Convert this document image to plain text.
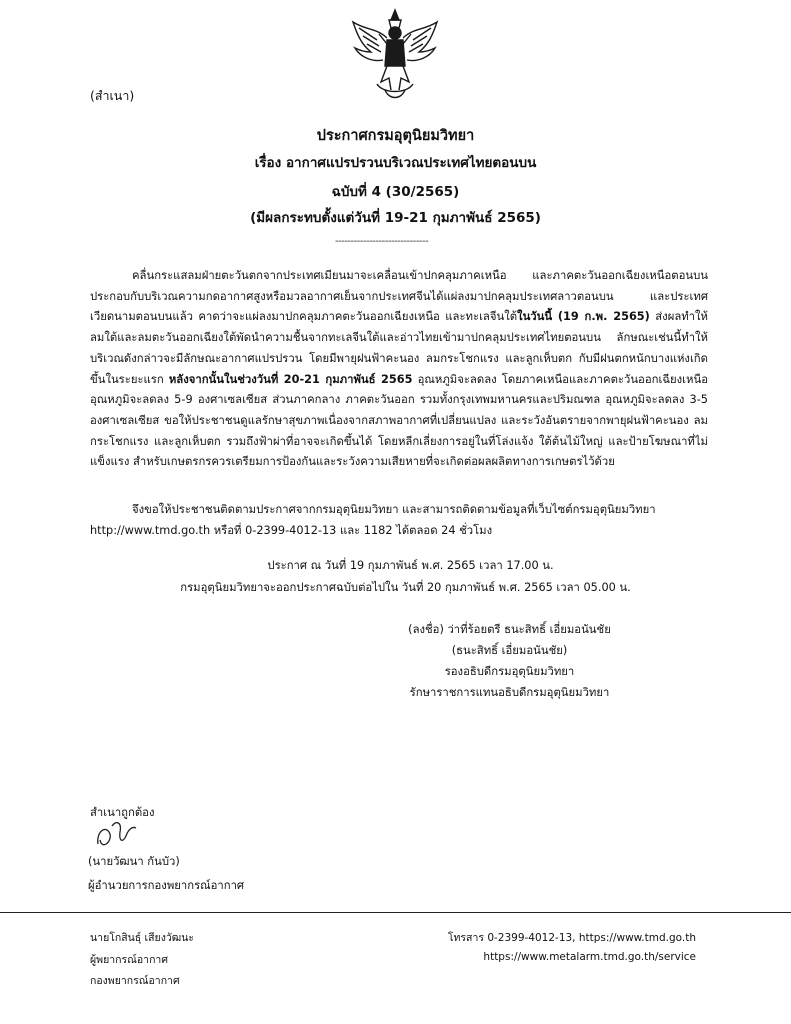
(สำเนา)
ประกาศกรมอุตุนิยมวิทยา
เรื่อง อากาศแปรปรวนบริเวณประเทศไทยตอนบน
ฉบับที่ 4 (30/2565)
(มีผลกระทบตั้งแต่วันที่ 19-21 กุมภาพันธ์ 2565)
------------------------------

คลื่นกระแสลมฝ่ายตะวันตกจากประเทศเมียนมาจะเคลื่อนเข้าปกคลุมภาคเหนือ และภาคตะวันออกเฉียงเหนือตอนบน ประกอบกับบริเวณความกดอากาศสูงหรือมวลอากาศเย็นจากประเทศจีนได้แผ่ลงมาปกคลุมประเทศลาวตอนบน และประเทศเวียดนามตอนบนแล้ว คาดว่าจะแผ่ลงมาปกคลุมภาคตะวันออกเฉียงเหนือ และทะเลจีนใต้ในวันนี้ (19 ก.พ. 2565) ส่งผลทำให้ลมใต้และลมตะวันออกเฉียงใต้พัดนำความชื้นจากทะเลจีนใต้และอ่าวไทยเข้ามาปกคลุมประเทศไทยตอนบน ลักษณะเช่นนี้ทำให้บริเวณดังกล่าวจะมีลักษณะอากาศแปรปรวน โดยมีพายุฝนฟ้าคะนอง ลมกระโชกแรง และลูกเห็บตก กับมีฝนตกหนักบางแห่งเกิดขึ้นในระยะแรก หลังจากนั้นในช่วงวันที่ 20-21 กุมภาพันธ์ 2565 อุณหภูมิจะลดลง โดยภาคเหนือและภาคตะวันออกเฉียงเหนือ อุณหภูมิจะลดลง 5-9 องศาเซลเซียส ส่วนภาคกลาง ภาคตะวันออก รวมทั้งกรุงเทพมหานครและปริมณฑล อุณหภูมิจะลดลง 3-5 องศาเซลเซียส ขอให้ประชาชนดูแลรักษาสุขภาพเนื่องจากสภาพอากาศที่เปลี่ยนแปลง และระวังอันตรายจากพายุฝนฟ้าคะนอง ลมกระโชกแรง และลูกเห็บตก รวมถึงฟ้าผ่าที่อาจจะเกิดขึ้นได้ โดยหลีกเลี่ยงการอยู่ในที่โล่งแจ้ง ใต้ต้นไม้ใหญ่ และป้ายโฆษณาที่ไม่แข็งแรง สำหรับเกษตรกรควรเตรียมการป้องกันและระวังความเสียหายที่จะเกิดต่อผลผลิตทางการเกษตรไว้ด้วย

จึงขอให้ประชาชนติดตามประกาศจากกรมอุตุนิยมวิทยา และสามารถติดตามข้อมูลที่เว็บไซต์กรมอุตุนิยมวิทยา http://www.tmd.go.th หรือที่ 0-2399-4012-13 และ 1182 ได้ตลอด 24 ชั่วโมง

ประกาศ ณ วันที่ 19 กุมภาพันธ์ พ.ศ. 2565 เวลา 17.00 น.
กรมอุตุนิยมวิทยาจะออกประกาศฉบับต่อไปใน วันที่ 20 กุมภาพันธ์ พ.ศ. 2565 เวลา 05.00 น.
(ลงชื่อ) ว่าที่ร้อยตรี ธนะสิทธิ์ เอี่ยมอนันชัย
(ธนะสิทธิ์ เอี่ยมอนันชัย)
รองอธิบดีกรมอุตุนิยมวิทยา
รักษาราชการแทนอธิบดีกรมอุตุนิยมวิทยา
สำเนาถูกต้อง
(นายวัฒนา กันบัว)
ผู้อำนวยการกองพยากรณ์อากาศ
นายโกสินธุ์ เสียงวัฒนะ
ผู้พยากรณ์อากาศ
กองพยากรณ์อากาศ
โทรสาร 0-2399-4012-13, https://www.tmd.go.th
https://www.metalarm.tmd.go.th/service
